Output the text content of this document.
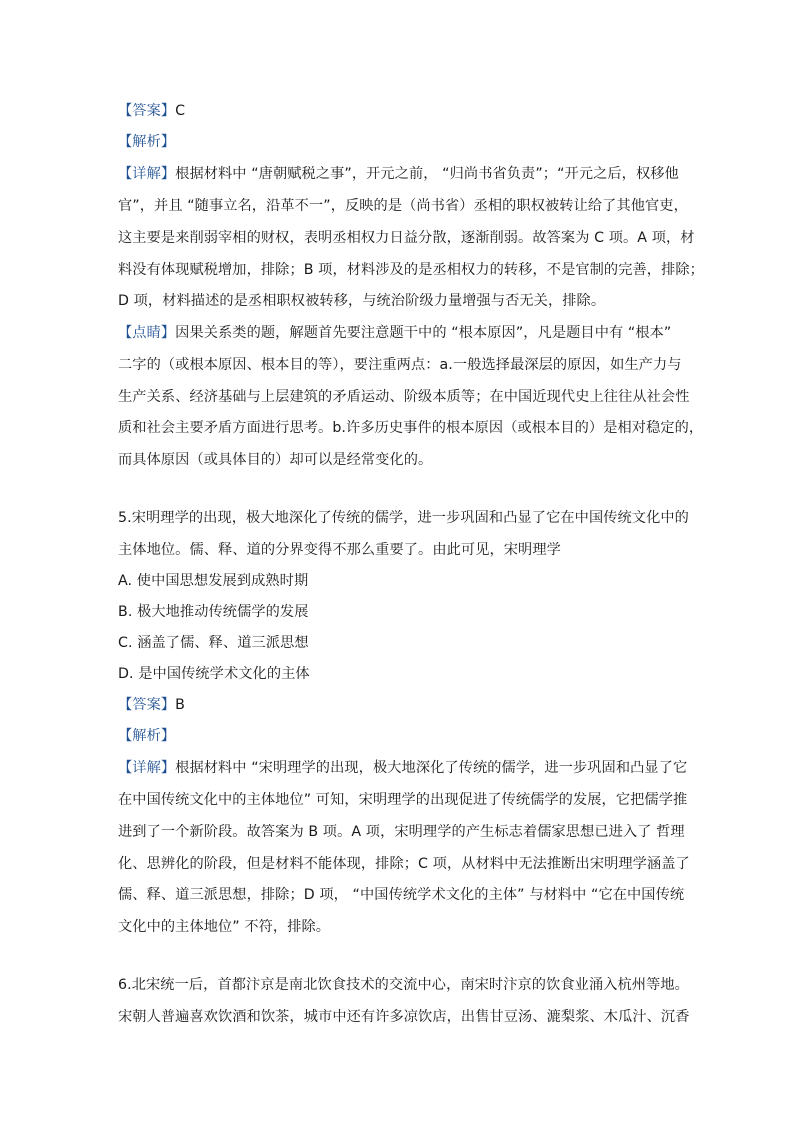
【答案】C
【解析】
【详解】根据材料中 “唐朝赋税之事”，开元之前， “归尚书省负责”；“开元之后，权移他
官”，并且 “随事立名，沿革不一”，反映的是（尚书省）丞相的职权被转让给了其他官吏，
这主要是来削弱宰相的财权，表明丞相权力日益分散，逐渐削弱。故答案为 C 项。A 项，材
料没有体现赋税增加，排除；B 项，材料涉及的是丞相权力的转移，不是官制的完善，排除；
D 项，材料描述的是丞相职权被转移，与统治阶级力量增强与否无关，排除。
【点睛】因果关系类的题，解题首先要注意题干中的 “根本原因”，凡是题目中有 “根本”
二字的（或根本原因、根本目的等），要注重两点：a.一般选择最深层的原因，如生产力与
生产关系、经济基础与上层建筑的矛盾运动、阶级本质等；在中国近现代史上往往从社会性
质和社会主要矛盾方面进行思考。b.许多历史事件的根本原因（或根本目的）是相对稳定的，
而具体原因（或具体目的）却可以是经常变化的。
5.宋明理学的出现，极大地深化了传统的儒学，进一步巩固和凸显了它在中国传统文化中的
主体地位。儒、释、道的分界变得不那么重要了。由此可见，宋明理学
A. 使中国思想发展到成熟时期
B. 极大地推动传统儒学的发展
C. 涵盖了儒、释、道三派思想
D. 是中国传统学术文化的主体
【答案】B
【解析】
【详解】根据材料中 “宋明理学的出现，极大地深化了传统的儒学，进一步巩固和凸显了它
在中国传统文化中的主体地位” 可知，宋明理学的出现促进了传统儒学的发展，它把儒学推
进到了一个新阶段。故答案为 B 项。A 项，宋明理学的产生标志着儒家思想已进入了 哲理
化、思辨化的阶段，但是材料不能体现，排除；C 项，从材料中无法推断出宋明理学涵盖了
儒、释、道三派思想，排除；D 项， “中国传统学术文化的主体” 与材料中 “它在中国传统
文化中的主体地位” 不符，排除。
6.北宋统一后，首都汴京是南北饮食技术的交流中心，南宋时汴京的饮食业涌入杭州等地。
宋朝人普遍喜欢饮酒和饮茶，城市中还有许多凉饮店，出售甘豆汤、漉梨浆、木瓜汁、沉香
